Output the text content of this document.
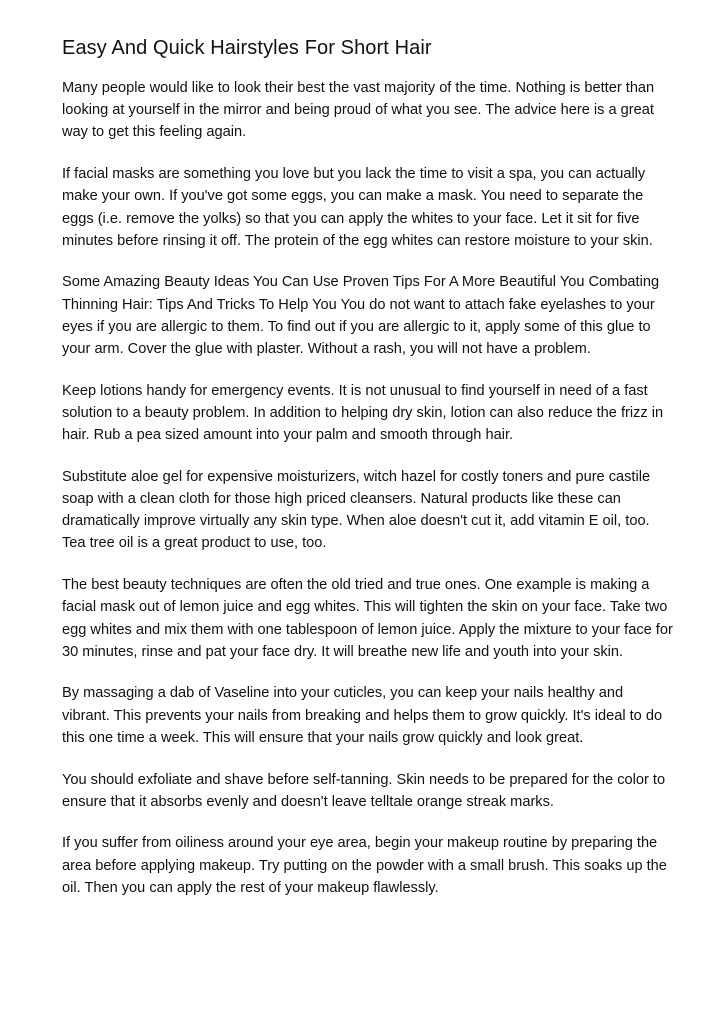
Easy And Quick Hairstyles For Short Hair

Many people would like to look their best the vast majority of the time. Nothing is better than looking at yourself in the mirror and being proud of what you see. The advice here is a great way to get this feeling again.

If facial masks are something you love but you lack the time to visit a spa, you can actually make your own. If you've got some eggs, you can make a mask. You need to separate the eggs (i.e. remove the yolks) so that you can apply the whites to your face. Let it sit for five minutes before rinsing it off. The protein of the egg whites can restore moisture to your skin.

Some Amazing Beauty Ideas You Can Use Proven Tips For A More Beautiful You Combating Thinning Hair: Tips And Tricks To Help You You do not want to attach fake eyelashes to your eyes if you are allergic to them. To find out if you are allergic to it, apply some of this glue to your arm. Cover the glue with plaster. Without a rash, you will not have a problem.

Keep lotions handy for emergency events. It is not unusual to find yourself in need of a fast solution to a beauty problem. In addition to helping dry skin, lotion can also reduce the frizz in hair. Rub a pea sized amount into your palm and smooth through hair.

Substitute aloe gel for expensive moisturizers, witch hazel for costly toners and pure castile soap with a clean cloth for those high priced cleansers. Natural products like these can dramatically improve virtually any skin type. When aloe doesn't cut it, add vitamin E oil, too. Tea tree oil is a great product to use, too.

The best beauty techniques are often the old tried and true ones. One example is making a facial mask out of lemon juice and egg whites. This will tighten the skin on your face. Take two egg whites and mix them with one tablespoon of lemon juice. Apply the mixture to your face for 30 minutes, rinse and pat your face dry. It will breathe new life and youth into your skin.

By massaging a dab of Vaseline into your cuticles, you can keep your nails healthy and vibrant. This prevents your nails from breaking and helps them to grow quickly. It's ideal to do this one time a week. This will ensure that your nails grow quickly and look great.

You should exfoliate and shave before self-tanning. Skin needs to be prepared for the color to ensure that it absorbs evenly and doesn't leave telltale orange streak marks.

If you suffer from oiliness around your eye area, begin your makeup routine by preparing the area before applying makeup. Try putting on the powder with a small brush. This soaks up the oil. Then you can apply the rest of your makeup flawlessly.
